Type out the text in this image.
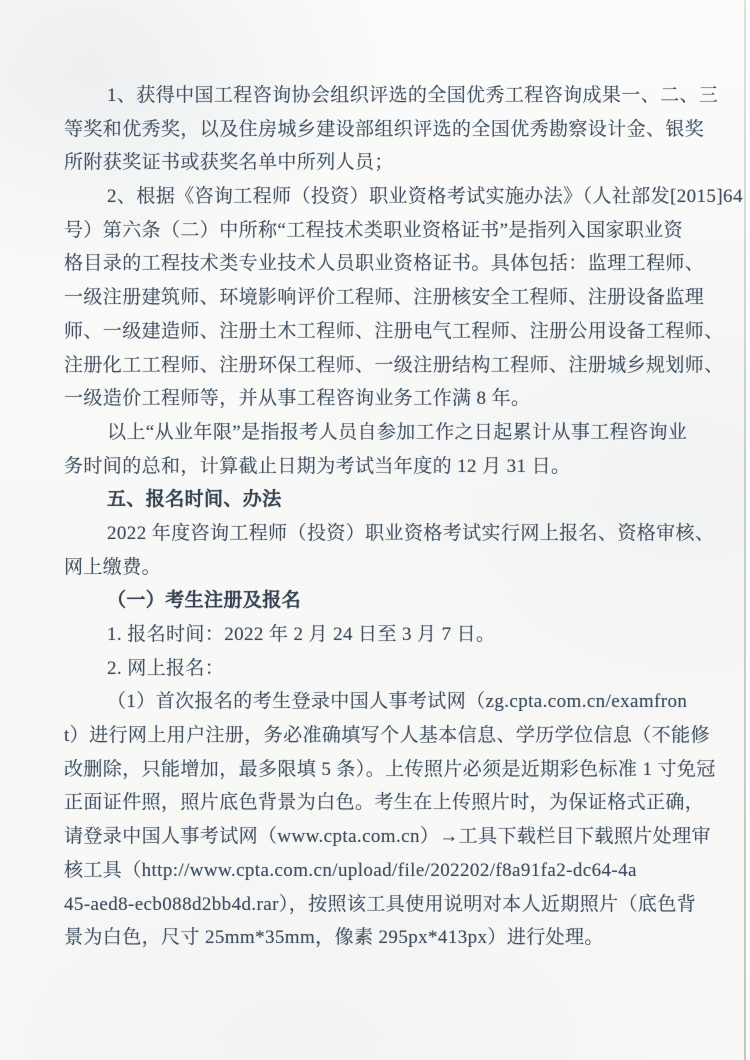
1、获得中国工程咨询协会组织评选的全国优秀工程咨询成果一、二、三
等奖和优秀奖，以及住房城乡建设部组织评选的全国优秀勘察设计金、银奖
所附获奖证书或获奖名单中所列人员；
2、根据《咨询工程师（投资）职业资格考试实施办法》（人社部发[2015]64
号）第六条（二）中所称“工程技术类职业资格证书”是指列入国家职业资
格目录的工程技术类专业技术人员职业资格证书。具体包括：监理工程师、
一级注册建筑师、环境影响评价工程师、注册核安全工程师、注册设备监理
师、一级建造师、注册土木工程师、注册电气工程师、注册公用设备工程师、
注册化工工程师、注册环保工程师、一级注册结构工程师、注册城乡规划师、
一级造价工程师等，并从事工程咨询业务工作满 8 年。
以上“从业年限”是指报考人员自参加工作之日起累计从事工程咨询业
务时间的总和，计算截止日期为考试当年度的 12 月 31 日。
五、报名时间、办法
2022 年度咨询工程师（投资）职业资格考试实行网上报名、资格审核、
网上缴费。
（一）考生注册及报名
1. 报名时间：2022 年 2 月 24 日至 3 月 7 日。
2. 网上报名：
（1）首次报名的考生登录中国人事考试网（zg.cpta.com.cn/examfron
t）进行网上用户注册，务必准确填写个人基本信息、学历学位信息（不能修
改删除，只能增加，最多限填 5 条）。上传照片必须是近期彩色标准 1 寸免冠
正面证件照，照片底色背景为白色。考生在上传照片时，为保证格式正确，
请登录中国人事考试网（www.cpta.com.cn）→工具下载栏目下载照片处理审
核工具（http://www.cpta.com.cn/upload/file/202202/f8a91fa2-dc64-4a
45-aed8-ecb088d2bb4d.rar），按照该工具使用说明对本人近期照片（底色背
景为白色，尺寸 25mm*35mm，像素 295px*413px）进行处理。
